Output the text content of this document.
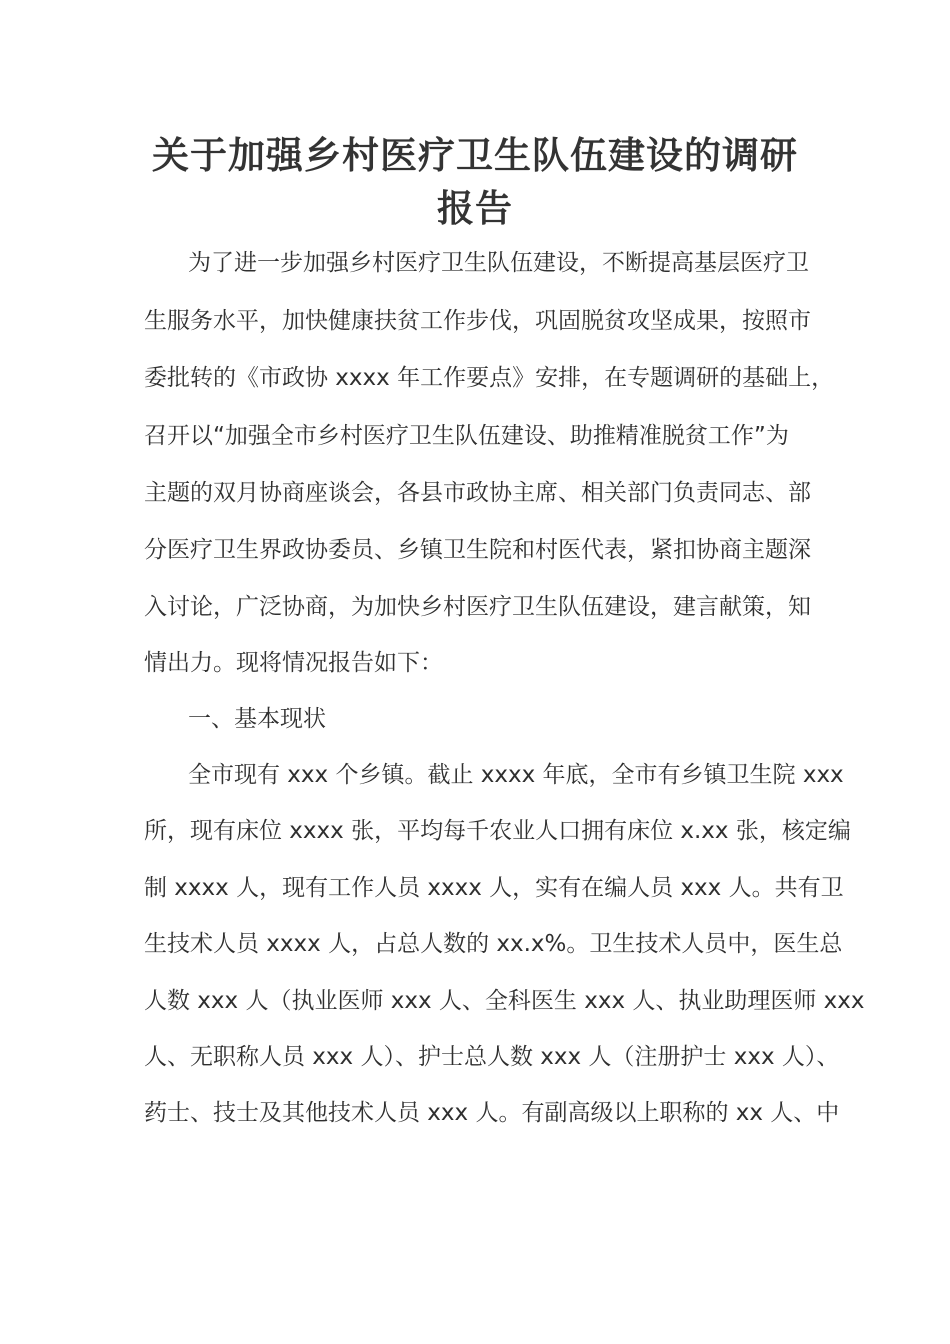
关于加强乡村医疗卫生队伍建设的调研
报告
为了进一步加强乡村医疗卫生队伍建设，不断提高基层医疗卫
生服务水平，加快健康扶贫工作步伐，巩固脱贫攻坚成果，按照市
委批转的《市政协 xxxx 年工作要点》安排，在专题调研的基础上，
召开以“加强全市乡村医疗卫生队伍建设、助推精准脱贫工作”为
主题的双月协商座谈会，各县市政协主席、相关部门负责同志、部
分医疗卫生界政协委员、乡镇卫生院和村医代表，紧扣协商主题深
入讨论，广泛协商，为加快乡村医疗卫生队伍建设，建言献策，知
情出力。现将情况报告如下：
一、基本现状
全市现有 xxx 个乡镇。截止 xxxx 年底，全市有乡镇卫生院 xxx
所，现有床位 xxxx 张，平均每千农业人口拥有床位 x.xx 张，核定编
制 xxxx 人，现有工作人员 xxxx 人，实有在编人员 xxx 人。共有卫
生技术人员 xxxx 人，占总人数的 xx.x%。卫生技术人员中，医生总
人数 xxx 人（执业医师 xxx 人、全科医生 xxx 人、执业助理医师 xxx
人、无职称人员 xxx 人）、护士总人数 xxx 人（注册护士 xxx 人）、
药士、技士及其他技术人员 xxx 人。有副高级以上职称的 xx 人、中
